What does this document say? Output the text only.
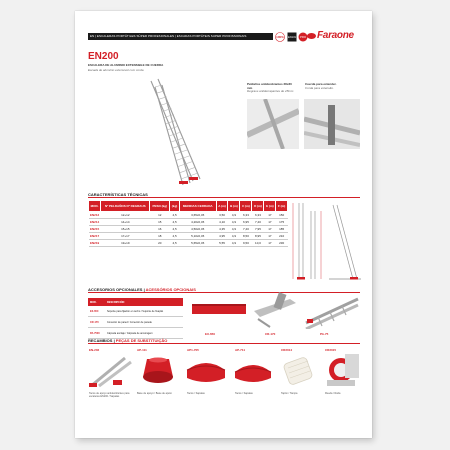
EN | ESCALERAS PORTÁTILES SÚPER PROFESIONALES | ESCADAS PORTÁTEIS SUPER PROFISSIONAIS	100% EN131 PRO Faraone
EN200
ESCALERA DE ALUMINIO EXTENSIBLE DE CUERDA
Escada de alumínio extensível com corda
Peldaños antideslizantes 28x30 mm
Degraus antiderrapantes de 28mm
Cuerda para extender.
Corda para extensão.
CARACTERÍSTICAS TÉCNICAS
MOD.	Nº PELDAÑOS Nº DEGRAUS	PESO (kg)	(kg)	MEDIDAS CERRADA	A (m)	B (m)	C (m)	D (m)	E (m)	F (m)
EN212	12+12	12	4,5	3,65x0,45	3,50	4,9	6,33	6,33	17	150
EN214	14+14	15	4,5	4,20x0,45	4,10	4,9	6,95	7,40	17	175
EN215	15+15	16	4,5	4,50x0,45	4,35	4,9	7,40	7,95	17	185
EN217	17+17	18	4,5	5,10x0,45	4,95	4,9	8,50	8,95	17	210
EN219	19+19	20	4,5	5,65x0,45	5,55	4,9	9,50	10,0	17	230
ACCESORIOS OPCIONALES | ACESSÓRIOS OPCIONAIS
MOD.	DESCRIPCIÓN
EX-650	Soporte para fijación en techo / Suporte de fixação
CR-170	Conector de pared / Conector de parede
PA-7500	Cápsula anclaje / Cápsula de ancoragem	EX-650	CR-170	PA-75
RECAMBIOS | PEÇAS DE SUBSTITUIÇÃO
EN-202	AP-111	AP1-705	AP-711	CR2014	CR2015
Tacos de apoyo antideslizantes para escaleras EN200 / Sapatas
Base de apoyo / Base de apoio	Tacos / Sapatas	Tacos / Sapatas	Tapón / Tampa	Rueda / Roda
